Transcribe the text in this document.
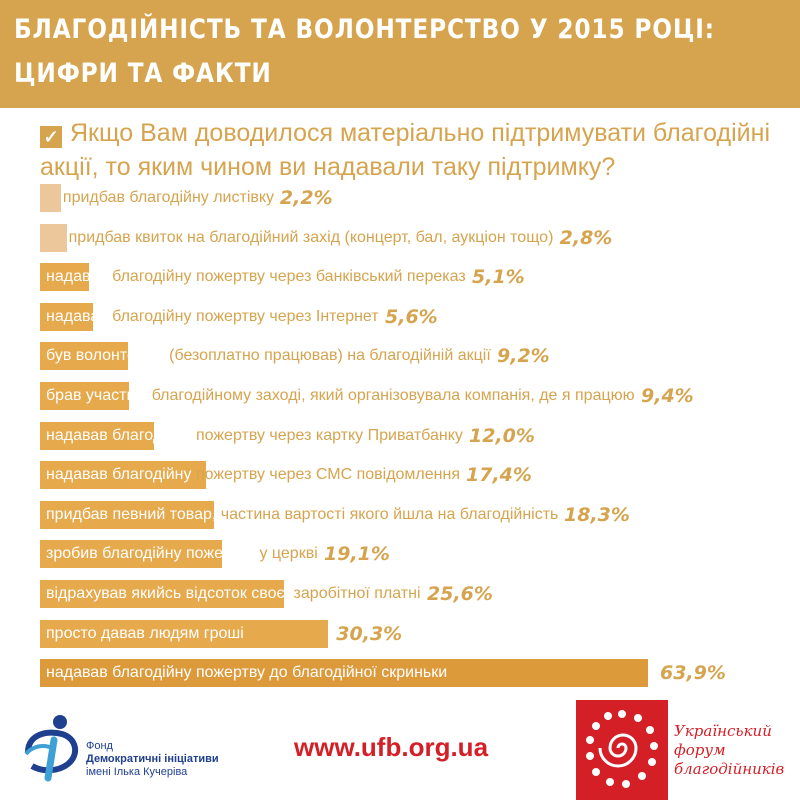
БЛАГОДІЙНІСТЬ ТА ВОЛОНТЕРСТВО У 2015 РОЦІ:
ЦИФРИ ТА ФАКТИ
✓ Якщо Вам доводилося матеріально підтримувати благодійні акції, то яким чином ви надавали таку підтримку?
придбав благодійну листівку 2,2%
придбав квиток на благодійний захід (концерт, бал, аукціон тощо) 2,8%
надавав благодійну пожертву через банківський переказ 5,1%
надавав благодійну пожертву через Інтернет 5,6%
був волонтером (безоплатно працював) на благодійній акції 9,2%
брав участь у благодійному заході, який організовувала компанія, де я працюю 9,4%
надавав благодійну пожертву через картку Приватбанку 12,0%
надавав благодійну пожертву через СМС повідомлення 17,4%
придбав певний товар, частина вартості якого йшла на благодійність 18,3%
зробив благодійну пожертву у церкві 19,1%
відрахував якийсь відсоток своєї заробітної платні 25,6%
просто давав людям гроші	30,3%
надавав благодійну пожертву до благодійної скриньки	63,9%
Фонд
Демократичні ініціативи
імені Ілька Кучеріва
www.ufb.org.ua
Український
форум
благодійників
